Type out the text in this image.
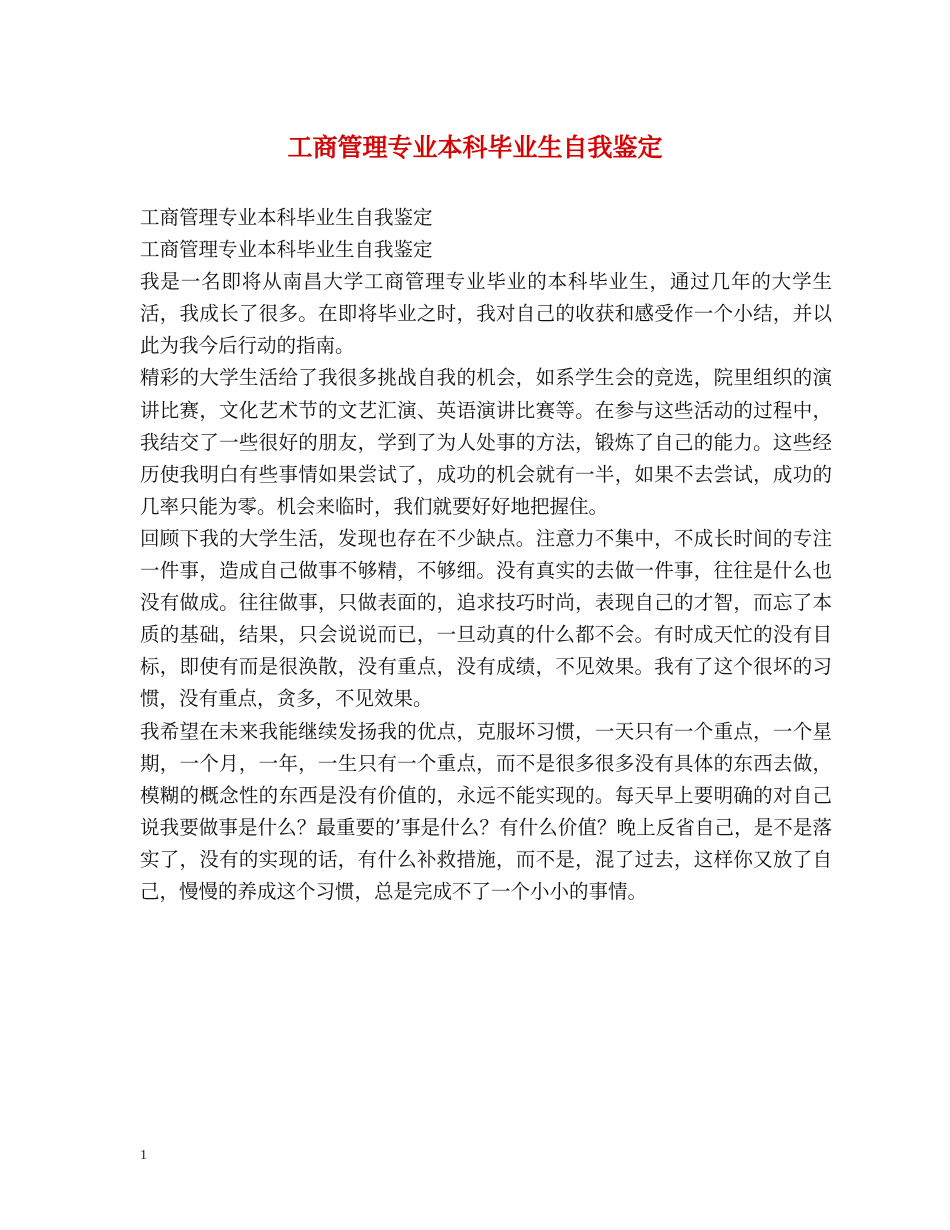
工商管理专业本科毕业生自我鉴定

工商管理专业本科毕业生自我鉴定

工商管理专业本科毕业生自我鉴定

我是一名即将从南昌大学工商管理专业毕业的本科毕业生，通过几年的大学生活，我成长了很多。在即将毕业之时，我对自己的收获和感受作一个小结，并以此为我今后行动的指南。

精彩的大学生活给了我很多挑战自我的机会，如系学生会的竞选，院里组织的演讲比赛，文化艺术节的文艺汇演、英语演讲比赛等。在参与这些活动的过程中，我结交了一些很好的朋友，学到了为人处事的方法，锻炼了自己的能力。这些经历使我明白有些事情如果尝试了，成功的机会就有一半，如果不去尝试，成功的几率只能为零。机会来临时，我们就要好好地把握住。

回顾下我的大学生活，发现也存在不少缺点。注意力不集中，不成长时间的专注一件事，造成自己做事不够精，不够细。没有真实的去做一件事，往往是什么也没有做成。往往做事，只做表面的，追求技巧时尚，表现自己的才智，而忘了本质的基础，结果，只会说说而已，一旦动真的什么都不会。有时成天忙的没有目标，即使有而是很涣散，没有重点，没有成绩，不见效果。我有了这个很坏的习惯，没有重点，贪多，不见效果。

我希望在未来我能继续发扬我的优点，克服坏习惯，一天只有一个重点，一个星期，一个月，一年，一生只有一个重点，而不是很多很多没有具体的东西去做，模糊的概念性的东西是没有价值的，永远不能实现的。每天早上要明确的对自己说我要做事是什么？最重要的’事是什么？有什么价值？晚上反省自己，是不是落实了，没有的实现的话，有什么补救措施，而不是，混了过去，这样你又放了自己，慢慢的养成这个习惯，总是完成不了一个小小的事情。

1
